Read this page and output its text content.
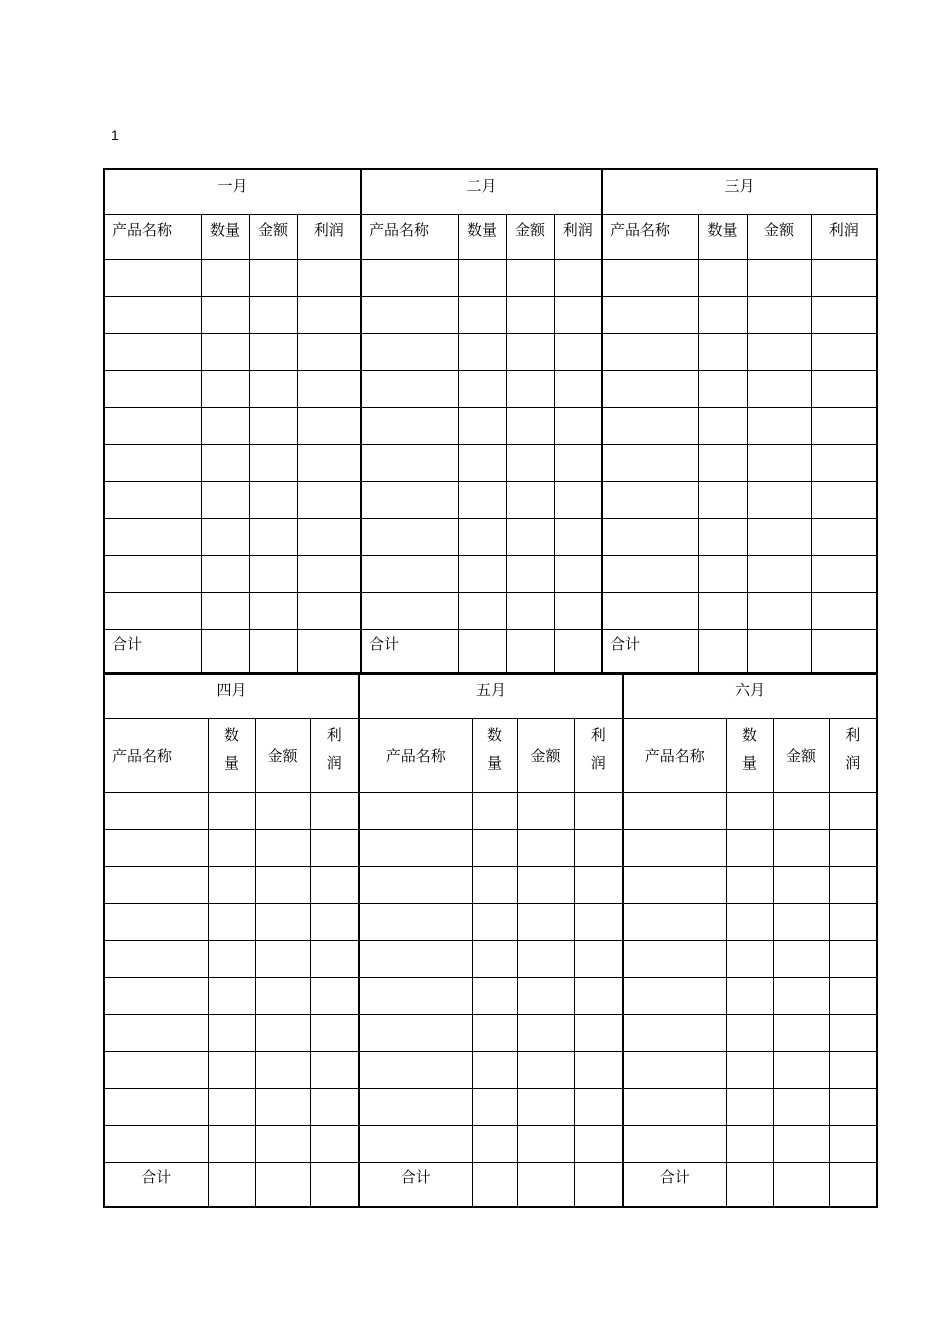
1
一月				二月				三月			
产品名称	数量	金额	利润	产品名称	数量	金额	利润	产品名称	数量	金额	利润

合计				合计				合计			
四月				五月				六月			
产品名称	数量	金额	利润	产品名称	数量	金额	利润	产品名称	数量	金额	利润

合计				合计				合计			
